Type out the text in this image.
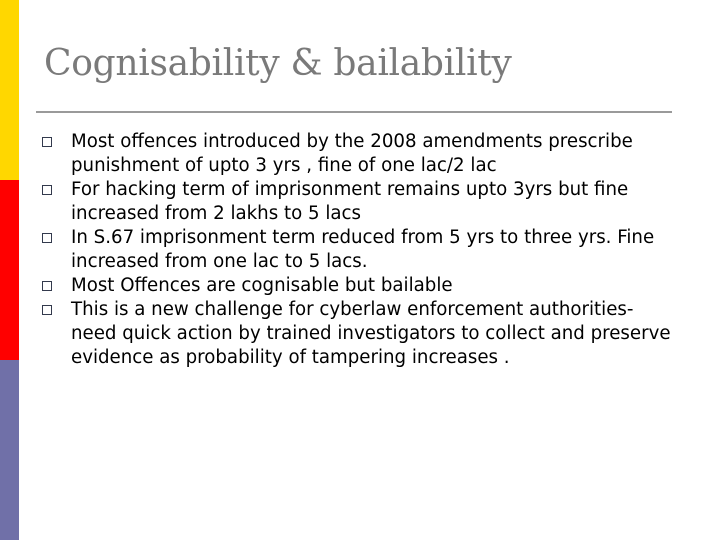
Cognisability & bailability
Most offences introduced by the 2008 amendments prescribe punishment of upto 3 yrs , fine of one lac/2 lac
For hacking term of imprisonment remains upto 3yrs but fine increased from 2 lakhs to 5 lacs
In S.67 imprisonment term reduced from 5 yrs to three yrs. Fine increased from one lac to 5 lacs.
Most Offences are cognisable but bailable
This is a new challenge for cyberlaw enforcement authorities- need quick action by trained investigators to collect and preserve evidence as probability of tampering increases .
